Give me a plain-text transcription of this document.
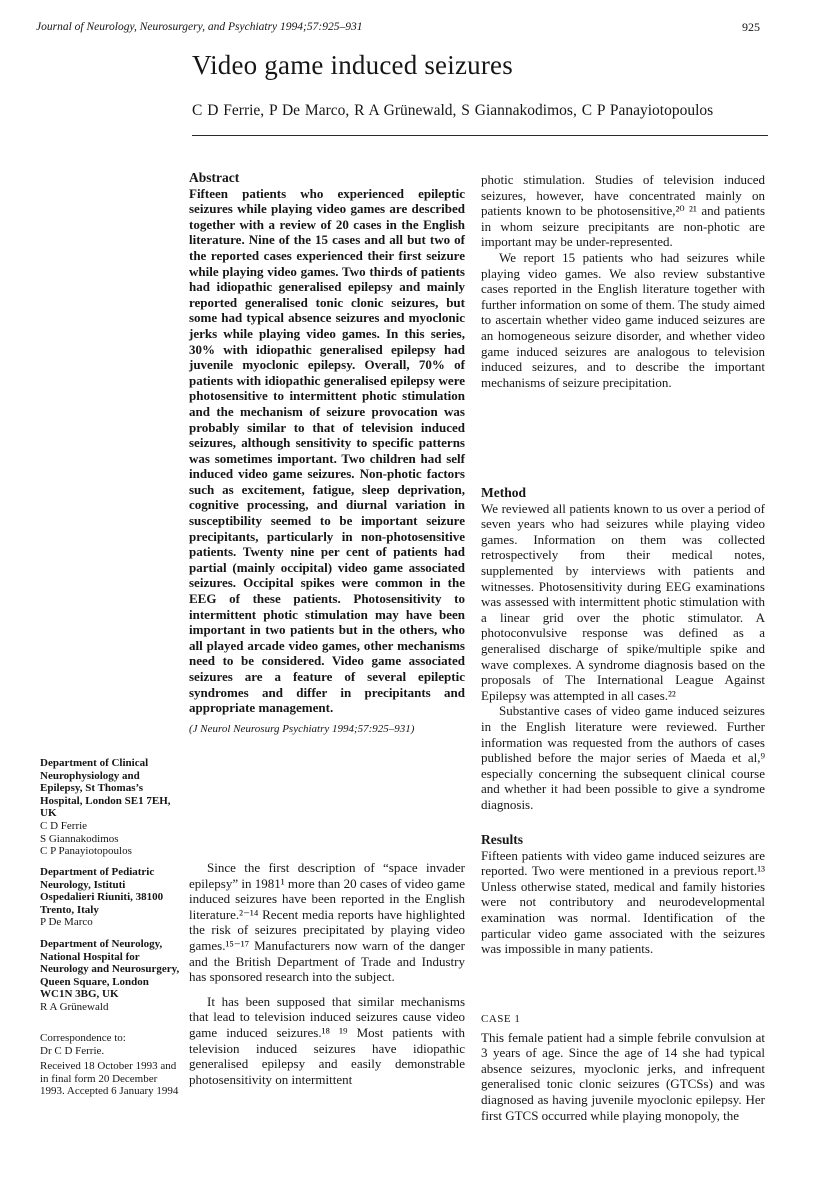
Journal of Neurology, Neurosurgery, and Psychiatry 1994;57:925–931	925
Video game induced seizures
C D Ferrie, P De Marco, R A Grünewald, S Giannakodimos, C P Panayiotopoulos

Abstract

Fifteen patients who experienced epileptic seizures while playing video games are described together with a review of 20 cases in the English literature. Nine of the 15 cases and all but two of the reported cases experienced their first seizure while playing video games. Two thirds of patients had idiopathic generalised epilepsy and mainly reported generalised tonic clonic seizures, but some had typical absence seizures and myoclonic jerks while playing video games. In this series, 30% with idiopathic generalised epilepsy had juvenile myoclonic epilepsy. Overall, 70% of patients with idiopathic generalised epilepsy were photosensitive to intermittent photic stimulation and the mechanism of seizure provocation was probably similar to that of television induced seizures, although sensitivity to specific patterns was sometimes important. Two children had self induced video game seizures. Non-photic factors such as excitement, fatigue, sleep deprivation, cognitive processing, and diurnal variation in susceptibility seemed to be important seizure precipitants, particularly in non-photosensitive patients. Twenty nine per cent of patients had partial (mainly occipital) video game associated seizures. Occipital spikes were common in the EEG of these patients. Photosensitivity to intermittent photic stimulation may have been important in two patients but in the others, who all played arcade video games, other mechanisms need to be considered. Video game associated seizures are a feature of several epileptic syndromes and differ in precipitants and appropriate management.

(J Neurol Neurosurg Psychiatry 1994;57:925–931)

Since the first description of “space invader epilepsy” in 1981¹ more than 20 cases of video game induced seizures have been reported in the English literature.²⁻¹⁴ Recent media reports have highlighted the risk of seizures precipitated by playing video games.¹⁵⁻¹⁷ Manufacturers now warn of the danger and the British Department of Trade and Industry has sponsored research into the subject.

It has been supposed that similar mechanisms that lead to television induced seizures cause video game induced seizures.¹⁸ ¹⁹ Most patients with television induced seizures have idiopathic generalised epilepsy and easily demonstrable photosensitivity on intermittent

photic stimulation. Studies of television induced seizures, however, have concentrated mainly on patients known to be photosensitive,²⁰ ²¹ and patients in whom seizure precipitants are non-photic are important may be under-represented.

We report 15 patients who had seizures while playing video games. We also review substantive cases reported in the English literature together with further information on some of them. The study aimed to ascertain whether video game induced seizures are an homogeneous seizure disorder, and whether video game induced seizures are analogous to television induced seizures, and to describe the important mechanisms of seizure precipitation.

Method

We reviewed all patients known to us over a period of seven years who had seizures while playing video games. Information on them was collected retrospectively from their medical notes, supplemented by interviews with patients and witnesses. Photosensitivity during EEG examinations was assessed with intermittent photic stimulation with a linear grid over the photic stimulator. A photoconvulsive response was defined as a generalised discharge of spike/multiple spike and wave complexes. A syndrome diagnosis based on the proposals of The International League Against Epilepsy was attempted in all cases.²²

Substantive cases of video game induced seizures in the English literature were reviewed. Further information was requested from the authors of cases published before the major series of Maeda et al,⁹ especially concerning the subsequent clinical course and whether it had been possible to give a syndrome diagnosis.

Results

Fifteen patients with video game induced seizures are reported. Two were mentioned in a previous report.¹³ Unless otherwise stated, medical and family histories were not contributory and neurodevelopmental examination was normal. Identification of the particular video game associated with the seizures was impossible in many patients.

CASE 1

This female patient had a simple febrile convulsion at 3 years of age. Since the age of 14 she had typical absence seizures, myoclonic jerks, and infrequent generalised tonic clonic seizures (GTCSs) and was diagnosed as having juvenile myoclonic epilepsy. Her first GTCS occurred while playing monopoly, the

Department of Clinical Neurophysiology and Epilepsy, St Thomas’s Hospital, London SE1 7EH, UK
C D Ferrie
S Giannakodimos
C P Panayiotopoulos
Department of Pediatric Neurology, Istituti Ospedalieri Riuniti, 38100 Trento, Italy
P De Marco
Department of Neurology, National Hospital for Neurology and Neurosurgery, Queen Square, London WC1N 3BG, UK
R A Grünewald
Correspondence to:
Dr C D Ferrie.
Received 18 October 1993 and in final form 20 December 1993. Accepted 6 January 1994
